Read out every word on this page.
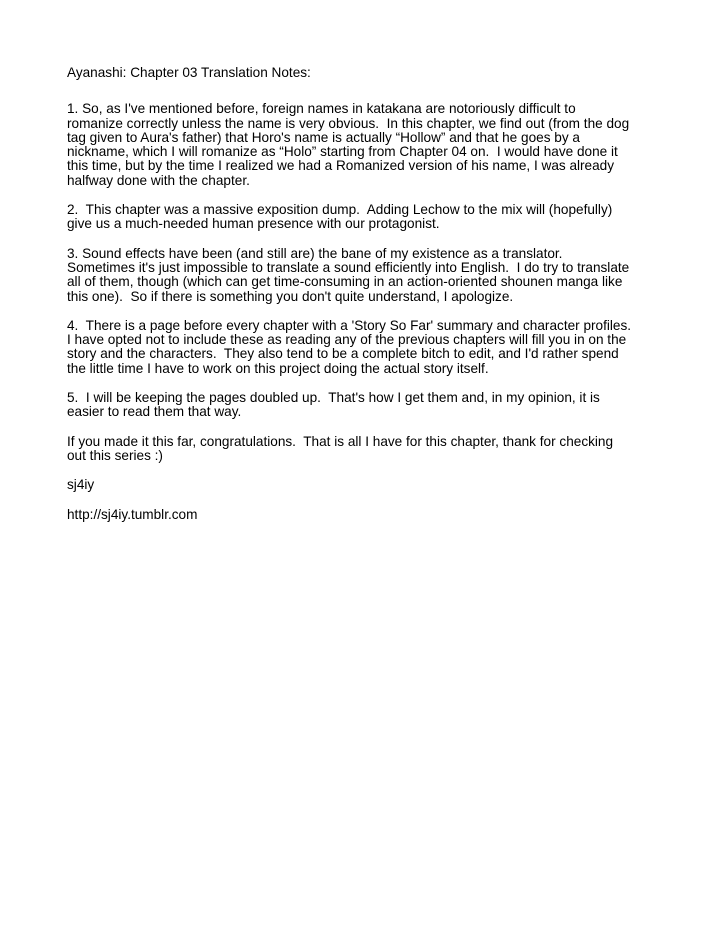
Ayanashi: Chapter 03 Translation Notes:

1. So, as I've mentioned before, foreign names in katakana are notoriously difficult to

romanize correctly unless the name is very obvious.  In this chapter, we find out (from the dog

tag given to Aura's father) that Horo's name is actually “Hollow” and that he goes by a

nickname, which I will romanize as “Holo” starting from Chapter 04 on.  I would have done it

this time, but by the time I realized we had a Romanized version of his name, I was already

halfway done with the chapter.

2.  This chapter was a massive exposition dump.  Adding Lechow to the mix will (hopefully)

give us a much-needed human presence with our protagonist.

3. Sound effects have been (and still are) the bane of my existence as a translator.

Sometimes it's just impossible to translate a sound efficiently into English.  I do try to translate

all of them, though (which can get time-consuming in an action-oriented shounen manga like

this one).  So if there is something you don't quite understand, I apologize.

4.  There is a page before every chapter with a 'Story So Far' summary and character profiles.

I have opted not to include these as reading any of the previous chapters will fill you in on the

story and the characters.  They also tend to be a complete bitch to edit, and I'd rather spend

the little time I have to work on this project doing the actual story itself.

5.  I will be keeping the pages doubled up.  That's how I get them and, in my opinion, it is

easier to read them that way.

If you made it this far, congratulations.  That is all I have for this chapter, thank for checking

out this series :)

sj4iy

http://sj4iy.tumblr.com
